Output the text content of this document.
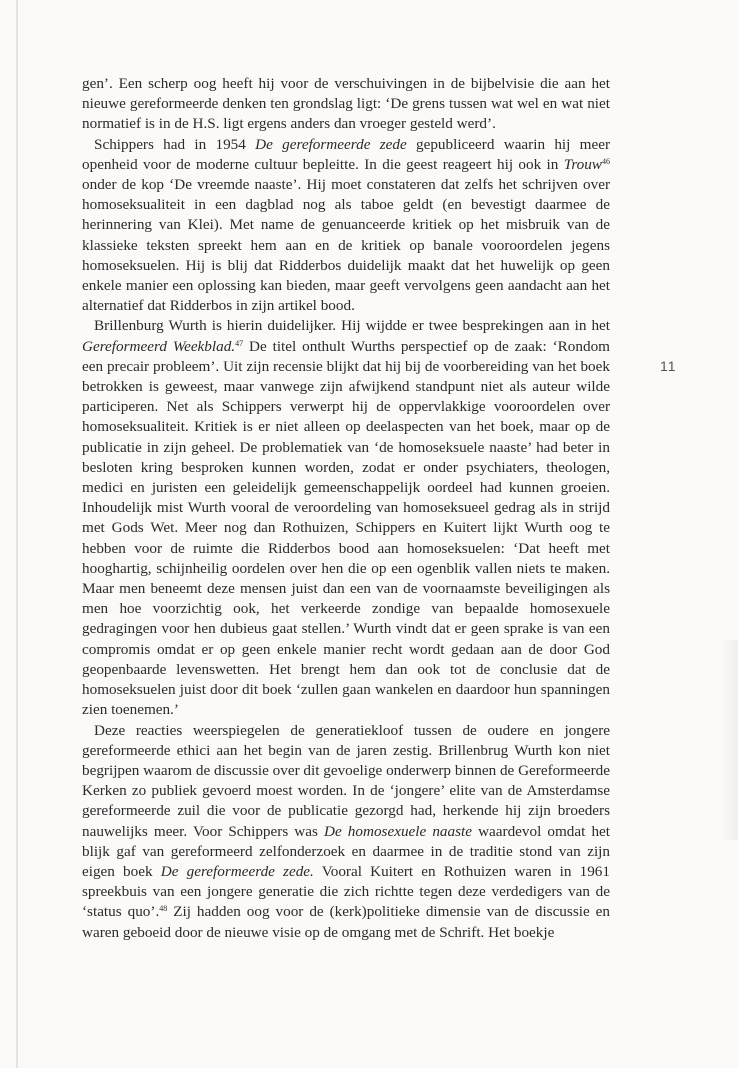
11

gen’. Een scherp oog heeft hij voor de verschuivingen in de bijbelvisie die aan het nieuwe gereformeerde denken ten grondslag ligt: ‘De grens tussen wat wel en wat niet normatief is in de H.S. ligt ergens anders dan vroeger gesteld werd’.

Schippers had in 1954 De gereformeerde zede gepubliceerd waarin hij meer openheid voor de moderne cultuur bepleitte. In die geest reageert hij ook in Trouw$^{46}$ onder de kop ‘De vreemde naaste’. Hij moet constateren dat zelfs het schrijven over homoseksualiteit in een dagblad nog als taboe geldt (en bevestigt daarmee de herinnering van Klei). Met name de genuanceerde kritiek op het misbruik van de klassieke teksten spreekt hem aan en de kritiek op banale vooroordelen jegens homoseksuelen. Hij is blij dat Ridderbos duidelijk maakt dat het huwelijk op geen enkele manier een oplossing kan bieden, maar geeft vervolgens geen aandacht aan het alternatief dat Ridderbos in zijn artikel bood.

Brillenburg Wurth is hierin duidelijker. Hij wijdde er twee besprekingen aan in het Gereformeerd Weekblad.$^{47}$ De titel onthult Wurths perspectief op de zaak: ‘Rondom een precair probleem’. Uit zijn recensie blijkt dat hij bij de voorbereiding van het boek betrokken is geweest, maar vanwege zijn afwijkend standpunt niet als auteur wilde participeren. Net als Schippers verwerpt hij de oppervlakkige vooroordelen over homoseksualiteit. Kritiek is er niet alleen op deelaspecten van het boek, maar op de publicatie in zijn geheel. De problematiek van ‘de homoseksuele naaste’ had beter in besloten kring besproken kunnen worden, zodat er onder psychiaters, theologen, medici en juristen een geleidelijk gemeenschappelijk oordeel had kunnen groeien. Inhoudelijk mist Wurth vooral de veroordeling van homoseksueel gedrag als in strijd met Gods Wet. Meer nog dan Rothuizen, Schippers en Kuitert lijkt Wurth oog te hebben voor de ruimte die Ridderbos bood aan homoseksuelen: ‘Dat heeft met hooghartig, schijnheilig oordelen over hen die op een ogenblik vallen niets te maken. Maar men beneemt deze mensen juist dan een van de voornaamste beveiligingen als men hoe voorzichtig ook, het verkeerde zondige van bepaalde homosexuele gedragingen voor hen dubieus gaat stellen.’ Wurth vindt dat er geen sprake is van een compromis omdat er op geen enkele manier recht wordt gedaan aan de door God geopenbaarde levenswetten. Het brengt hem dan ook tot de conclusie dat de homoseksuelen juist door dit boek ‘zullen gaan wankelen en daardoor hun spanningen zien toenemen.’

Deze reacties weerspiegelen de generatiekloof tussen de oudere en jongere gereformeerde ethici aan het begin van de jaren zestig. Brillenbrug Wurth kon niet begrijpen waarom de discussie over dit gevoelige onderwerp binnen de Gereformeerde Kerken zo publiek gevoerd moest worden. In de ‘jongere’ elite van de Amsterdamse gereformeerde zuil die voor de publicatie gezorgd had, herkende hij zijn broeders nauwelijks meer. Voor Schippers was De homosexuele naaste waardevol omdat het blijk gaf van gereformeerd zelfonderzoek en daarmee in de traditie stond van zijn eigen boek De gereformeerde zede. Vooral Kuitert en Rothuizen waren in 1961 spreekbuis van een jongere generatie die zich richtte tegen deze verdedigers van de ‘status quo’.$^{48}$ Zij hadden oog voor de (kerk)politieke dimensie van de discussie en waren geboeid door de nieuwe visie op de omgang met de Schrift. Het boekje
